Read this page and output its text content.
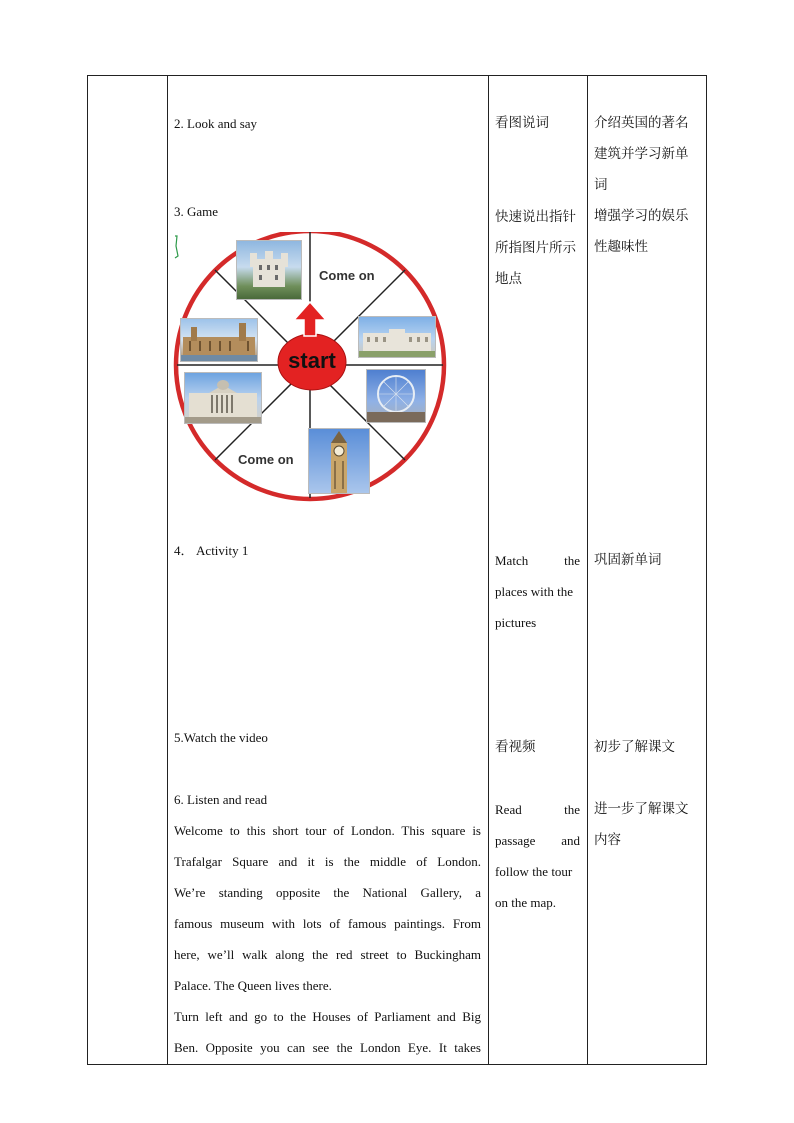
2. Look and say
3. Game
start
Come on
Come on
4． Activity 1
5.Watch the video
6. Listen and read
Welcome to this short tour of London. This square is
Trafalgar Square and it is the middle of London.
We’re standing opposite the National Gallery, a
famous museum with lots of famous paintings. From
here, we’ll walk along the red street to Buckingham
Palace. The Queen lives there.
Turn left and go to the Houses of Parliament and Big
Ben. Opposite you can see the London Eye. It takes
看图说词
快速说出指针
所指图片所示
地点
Match	the
places with the
pictures
看视频
Read	the
passage and
follow the tour
on the map.
介绍英国的著名
建筑并学习新单
词
增强学习的娱乐
性趣味性
巩固新单词
初步了解课文
进一步了解课文
内容
